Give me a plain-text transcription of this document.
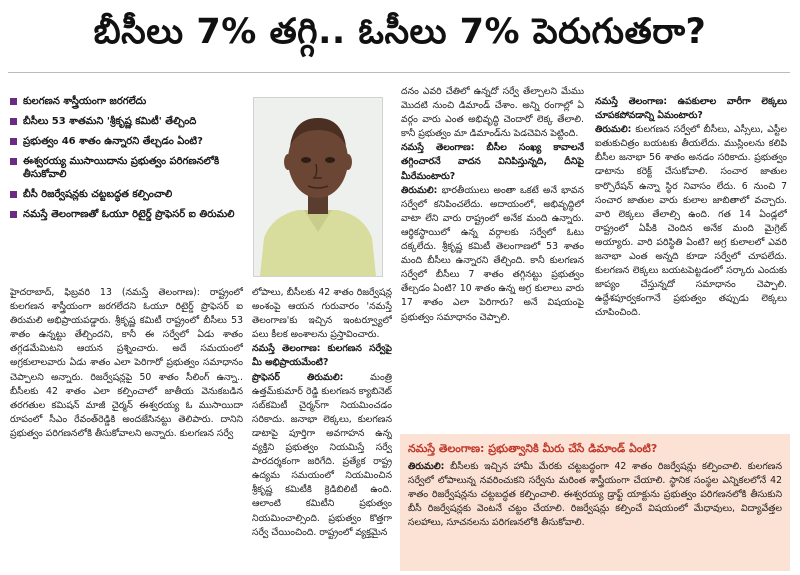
బీసీలు 7% తగ్గి.. ఓసీలు 7% పెరుగుతరా?
కులగణన శాస్త్రీయంగా జరగలేదు
బీసీలు 53 శాతమని 'శ్రీకృష్ణ కమిటీ' తేల్చింది
ప్రభుత్వం 46 శాతం ఉన్నారని తేల్చడం ఏంటి?
ఈశ్వరయ్య ముసాయిదాను ప్రభుత్వం పరిగణనలోకి తీసుకోవాలి
బీసీ రిజర్వేషన్లకు చట్టబద్ధత కల్పించాలి
నమస్తే తెలంగాణతో ఓయూ రిటైర్డ్ ప్రొఫెసర్ ఐ తిరుమలి

హైదరాబాద్, ఫిబ్రవరి 13 (నమస్తే తెలంగాణ): రాష్ట్రంలో కులగణన శాస్త్రీయంగా జరగలేదని ఓయూ రిటైర్డ్ ప్రొఫెసర్ ఐ తిరుమలి అభిప్రాయపడ్డారు. శ్రీకృష్ణ కమిటీ రాష్ట్రంలో బీసీలు 53 శాతం ఉన్నట్టు తేల్చిందని, కానీ ఈ సర్వేలో ఏడు శాతం తగ్గడమేమిటని ఆయన ప్రశ్నించారు. అదే సమయంలో అగ్రకులాలవారు ఏడు శాతం ఎలా పెరిగారో ప్రభుత్వం సమాధానం చెప్పాలని అన్నారు. రిజర్వేషన్లపై 50 శాతం సీలింగ్ ఉన్నా.. బీసీలకు 42 శాతం ఎలా కల్పించాలో జాతీయ వెనుకబడిన తరగతుల కమిషన్ మాజీ చైర్మన్ ఈశ్వరయ్య ఓ ముసాయిదా రూపంలో సీఎం రేవంత్‌రెడ్డికి అందజేసినట్టు తెలిపారు. దానిని ప్రభుత్వం పరిగణనలోకి తీసుకోవాలని అన్నారు. కులగణన సర్వే

లోపాలు, బీసీలకు 42 శాతం రిజర్వేషన్ల అంశంపై ఆయన గురువారం 'నమస్తే తెలంగాణ'కు ఇచ్చిన ఇంటర్వ్యూలో పలు కీలక అంశాలను ప్రస్తావించారు.

నమస్తే తెలంగాణ: కులగణన సర్వేపై మీ అభిప్రాయమేంటి?

ప్రొఫెసర్ తిరుమలి:	మంత్రి ఉత్తమ్‌కుమార్ రెడ్డి కులగణన క్యాబినెట్ సబ్‌కమిటీ చైర్మన్‌గా నియమించడం సరికాదు. జనాభా లెక్కలు, కులగణన డాటాపై పూర్తిగా అవగాహన ఉన్న వ్యక్తిని ప్రభుత్వం నియమిస్తే సర్వే పారదర్శకంగా జరిగేది. ప్రత్యేక రాష్ట్ర ఉద్యమ సమయంలో నియమించిన శ్రీకృష్ణ కమిటీకి క్రెడిబిలిటీ ఉంది. ఆలాంటి కమిటీని ప్రభుత్వం నియమించాల్సింది. ప్రభుత్వం కొత్తగా సర్వే చేయించింది. రాష్ట్రంలో వ్యక్తమైన

దనం ఎవరి చేతిలో ఉన్నదో సర్వే తేల్చాలని మేము మొదటి నుంచి డిమాండ్ చేశాం. అన్ని రంగాల్లో ఏ వర్గం వారు ఎంత అభివృద్ధి చెందారో లెక్క తేలాలి. కానీ ప్రభుత్వం మా డిమాండ్‌ను పెడచెవిన పెట్టింది.

నమస్తే తెలంగాణ: బీసీల సంఖ్య కావాలనే తగ్గించారనే వాదన వినిపిస్తున్నది, దీనిపై మీరేమంటారు?

తిరుమలి: భారతీయులు అంతా ఒకటే అనే భావన సర్వేలో కనిపించలేదు. అదాయంలో, అభివృద్ధిలో వాటా లేని వారు రాష్ట్రంలో అనేక మంది ఉన్నారు. ఆర్థికస్థాయిలో ఉన్న వర్గాలకు సర్వేలో ఓటు దక్కలేదు. శ్రీకృష్ణ కమిటీ తెలంగాణలో 53 శాతం మంది బీసీలు ఉన్నారని తేల్చింది. కానీ కులగణన సర్వేలో బీసీలు 7 శాతం తగ్గినట్టు ప్రభుత్వం తేల్చడం ఏంటి? 10 శాతం ఉన్న అగ్ర కులాలు వారు 17 శాతం ఎలా పెరిగారు? అనే విషయంపై ప్రభుత్వం సమాధానం చెప్పాలి.

నమస్తే తెలంగాణ: ఉపకులాల వారీగా లెక్కలు చూపకపోవడాన్ని ఏమంటారు?

తిరుమలి: కులగణన సర్వేలో బీసీలు, ఎస్సీలు, ఎస్టీల ఐతుకుచిత్రం బయటకు తీయలేదు. ముస్లింలను కలిపి బీసీల జనాభా 56 శాతం అనడం సరికాదు. ప్రభుత్వం డాటాను కరెక్ట్ చేసుకోవాలి. సంచార జాతుల కార్పొరేషన్ ఉన్నా స్థిర నివాసం లేదు. 6 నుంచి 7 సంచార జాతుల వారు కులాల జాబితాలో వచ్చారు. వారి లెక్కలు తేలాల్సి ఉంది. గత 14 ఏండ్లలో రాష్ట్రంలో ఏపీకి చెందిన అనేక మంది మైగ్రెట్ అయ్యారు. వారి పరిస్థితి ఏంటి? అగ్ర కులాలలో ఎవరి జనాభా ఎంత అన్నది కూడా సర్వేలో చూపలేదు. కులగణన లెక్కలు బయటపెట్టడంలో సర్కారు ఎందుకు జాప్యం చేస్తున్నదో సమాధానం చెప్పాలి. ఉద్దేశపూర్వకంగానే ప్రభుత్వం తప్పుడు లెక్కలు చూపించింది.

నమస్తే తెలంగాణ: ప్రభుత్వానికి మీరు చేసే డిమాండ్ ఏంటి?

తిరుమలి: బీసీలకు ఇచ్చిన హామీ మేరకు చట్టబద్ధంగా 42 శాతం రిజర్వేషన్లు కల్పించాలి. కులగణన సర్వేలో లోపాలున్న నవరించుకని సర్వేను మరింత శాస్త్రీయంగా చేయాలి. స్థానిక సంస్థల ఎన్నికలలోనే 42 శాతం రిజర్వేషన్లను చట్టబద్ధత కల్పించాలి. ఈశ్వరయ్య డ్రాఫ్ట్ యాక్టును ప్రభుత్వం పరిగణనలోకి తీసుకుని బీసీ రిజర్వేషన్లకు వెంటనే చట్టం చేయాలి. రిజర్వేషన్లు కల్పించే విషయంలో మేధావులు, విద్యావేత్తల సలహాలు, సూచనలను పరిగణనలోకి తీసుకోవాలి.
